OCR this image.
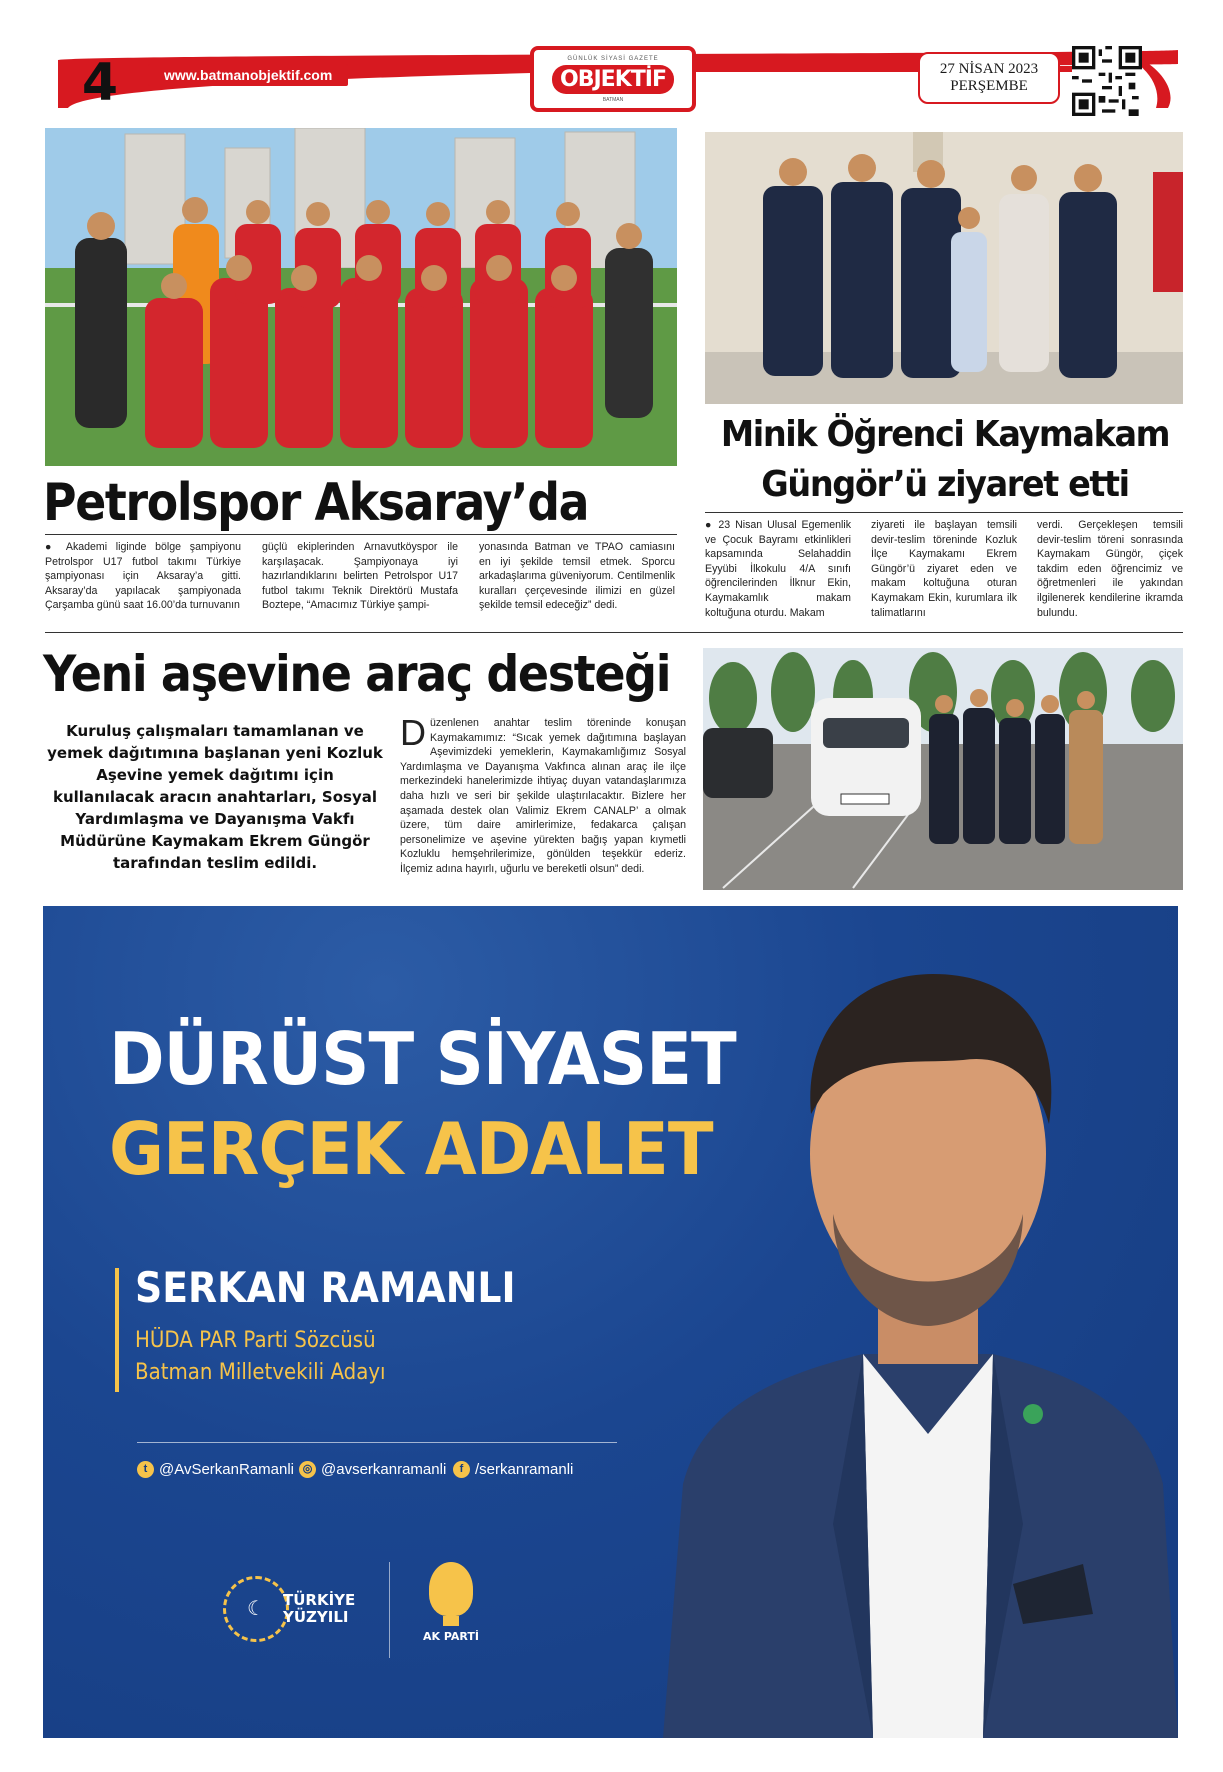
4	www.batmanobjektif.com
GÜNLÜK SİYASİ GAZETE
OBJEKTİF
BATMAN
27 NİSAN 2023
PERŞEMBE
Petrolspor Aksaray’da
● Akademi liginde bölge şampiyonu Petrolspor U17 futbol takımı Türkiye şampiyonası için Aksaray’a gitti. Aksaray’da yapılacak şampiyonada Çarşamba günü saat 16.00’da turnuvanın
güçlü ekiplerinden Arnavutköyspor ile karşılaşacak. Şampiyonaya iyi hazırlandıklarını belirten Petrolspor U17 futbol takımı Teknik Direktörü Mustafa Boztepe, “Amacımız Türkiye şampi-
yonasında Batman ve TPAO camiasını en iyi şekilde temsil etmek. Sporcu arkadaşlarıma güveniyorum. Centilmenlik kuralları çerçevesinde ilimizi en güzel şekilde temsil edeceğiz” dedi.
Minik Öğrenci Kaymakam Güngör’ü ziyaret etti
● 23 Nisan Ulusal Egemenlik ve Çocuk Bayramı etkinlikleri kapsamında Selahaddin Eyyübi İlkokulu 4/A sınıfı öğrencilerinden İlknur Ekin, Kaymakamlık makam koltuğuna oturdu. Makam
ziyareti ile başlayan temsili devir-teslim töreninde Kozluk İlçe Kaymakamı Ekrem Güngör’ü ziyaret eden ve makam koltuğuna oturan Kaymakam Ekin, kurumlara ilk talimatlarını
verdi. Gerçekleşen temsili devir-teslim töreni sonrasında Kaymakam Güngör, çiçek takdim eden öğrencimiz ve öğretmenleri ile yakından ilgilenerek kendilerine ikramda bulundu.
Yeni aşevine araç desteği
Kuruluş çalışmaları tamamlanan ve yemek dağıtımına başlanan yeni Kozluk Aşevine yemek dağıtımı için kullanılacak aracın anahtarları, Sosyal Yardımlaşma ve Dayanışma Vakfı Müdürüne Kaymakam Ekrem Güngör tarafından teslim edildi.
Düzenlenen anahtar teslim töreninde konuşan Kaymakamımız: “Sıcak yemek dağıtımına başlayan Aşevimizdeki yemeklerin, Kaymakamlığımız Sosyal Yardımlaşma ve Dayanışma Vakfınca alınan araç ile ilçe merkezindeki hanelerimizde ihtiyaç duyan vatandaşlarımıza daha hızlı ve seri bir şekilde ulaştırılacaktır. Bizlere her aşamada destek olan Valimiz Ekrem CANALP’ a olmak üzere, tüm daire amirlerimize, fedakarca çalışan personelimize ve aşevine yürekten bağış yapan kıymetli Kozluklu hemşehrilerimize, gönülden teşekkür ederiz. İlçemiz adına hayırlı, uğurlu ve bereketli olsun” dedi.
DÜRÜST SİYASET
GERÇEK ADALET
SERKAN RAMANLI
HÜDA PAR Parti Sözcüsü
Batman Milletvekili Adayı
t @AvSerkanRamanli ◎ @avserkanramanli	f /serkanramanli
☾ TÜRKİYE
YÜZYILI
AK PARTİ
